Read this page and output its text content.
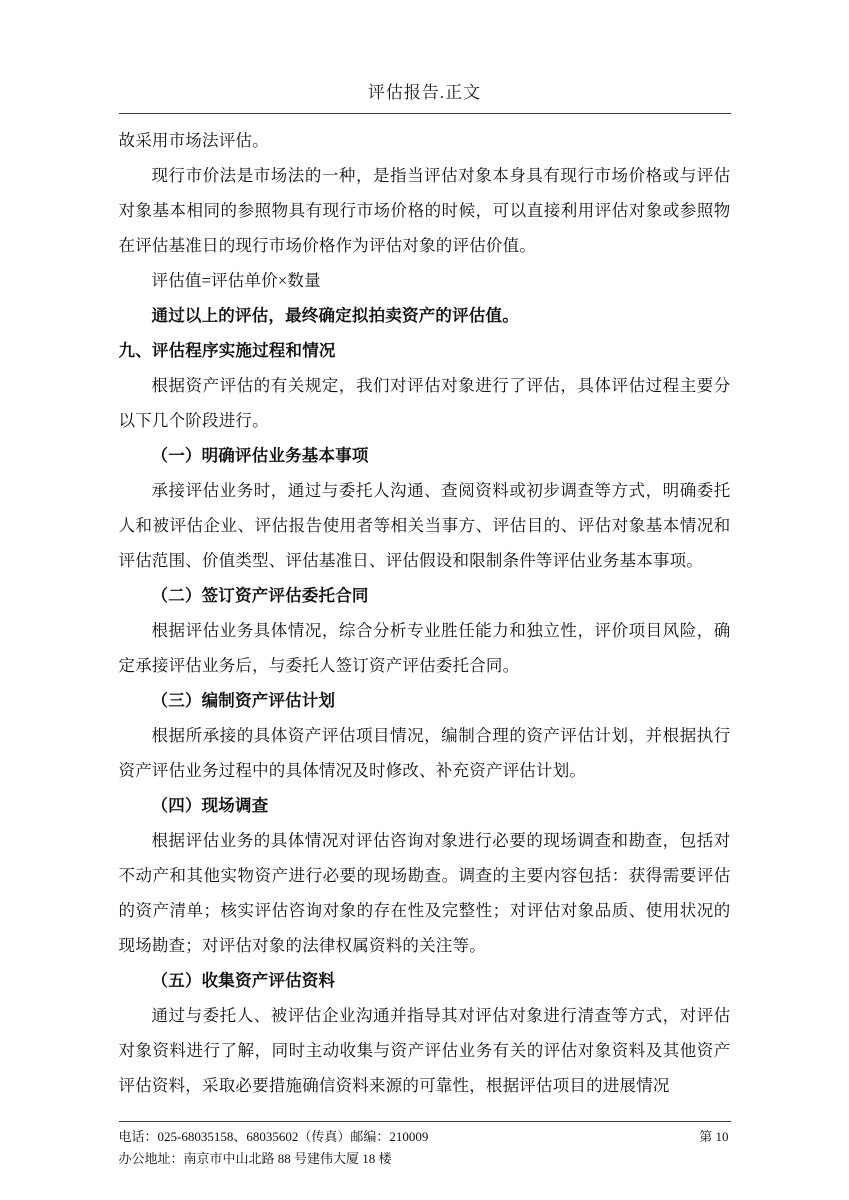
评估报告.正文

故采用市场法评估。

现行市价法是市场法的一种，是指当评估对象本身具有现行市场价格或与评估对象基本相同的参照物具有现行市场价格的时候，可以直接利用评估对象或参照物在评估基准日的现行市场价格作为评估对象的评估价值。

评估值=评估单价×数量

通过以上的评估，最终确定拟拍卖资产的评估值。

九、评估程序实施过程和情况

根据资产评估的有关规定，我们对评估对象进行了评估，具体评估过程主要分以下几个阶段进行。

（一）明确评估业务基本事项

承接评估业务时，通过与委托人沟通、查阅资料或初步调查等方式，明确委托人和被评估企业、评估报告使用者等相关当事方、评估目的、评估对象基本情况和评估范围、价值类型、评估基准日、评估假设和限制条件等评估业务基本事项。

（二）签订资产评估委托合同

根据评估业务具体情况，综合分析专业胜任能力和独立性，评价项目风险，确定承接评估业务后，与委托人签订资产评估委托合同。

（三）编制资产评估计划

根据所承接的具体资产评估项目情况，编制合理的资产评估计划，并根据执行资产评估业务过程中的具体情况及时修改、补充资产评估计划。

（四）现场调查

根据评估业务的具体情况对评估咨询对象进行必要的现场调查和勘查，包括对不动产和其他实物资产进行必要的现场勘查。调查的主要内容包括：获得需要评估的资产清单；核实评估咨询对象的存在性及完整性；对评估对象品质、使用状况的现场勘查；对评估对象的法律权属资料的关注等。

（五）收集资产评估资料

通过与委托人、被评估企业沟通并指导其对评估对象进行清查等方式，对评估对象资料进行了解，同时主动收集与资产评估业务有关的评估对象资料及其他资产评估资料，采取必要措施确信资料来源的可靠性，根据评估项目的进展情况

电话：025-68035158、68035602（传真）邮编：210009
办公地址：南京市中山北路 88 号建伟大厦 18 楼
第 10
